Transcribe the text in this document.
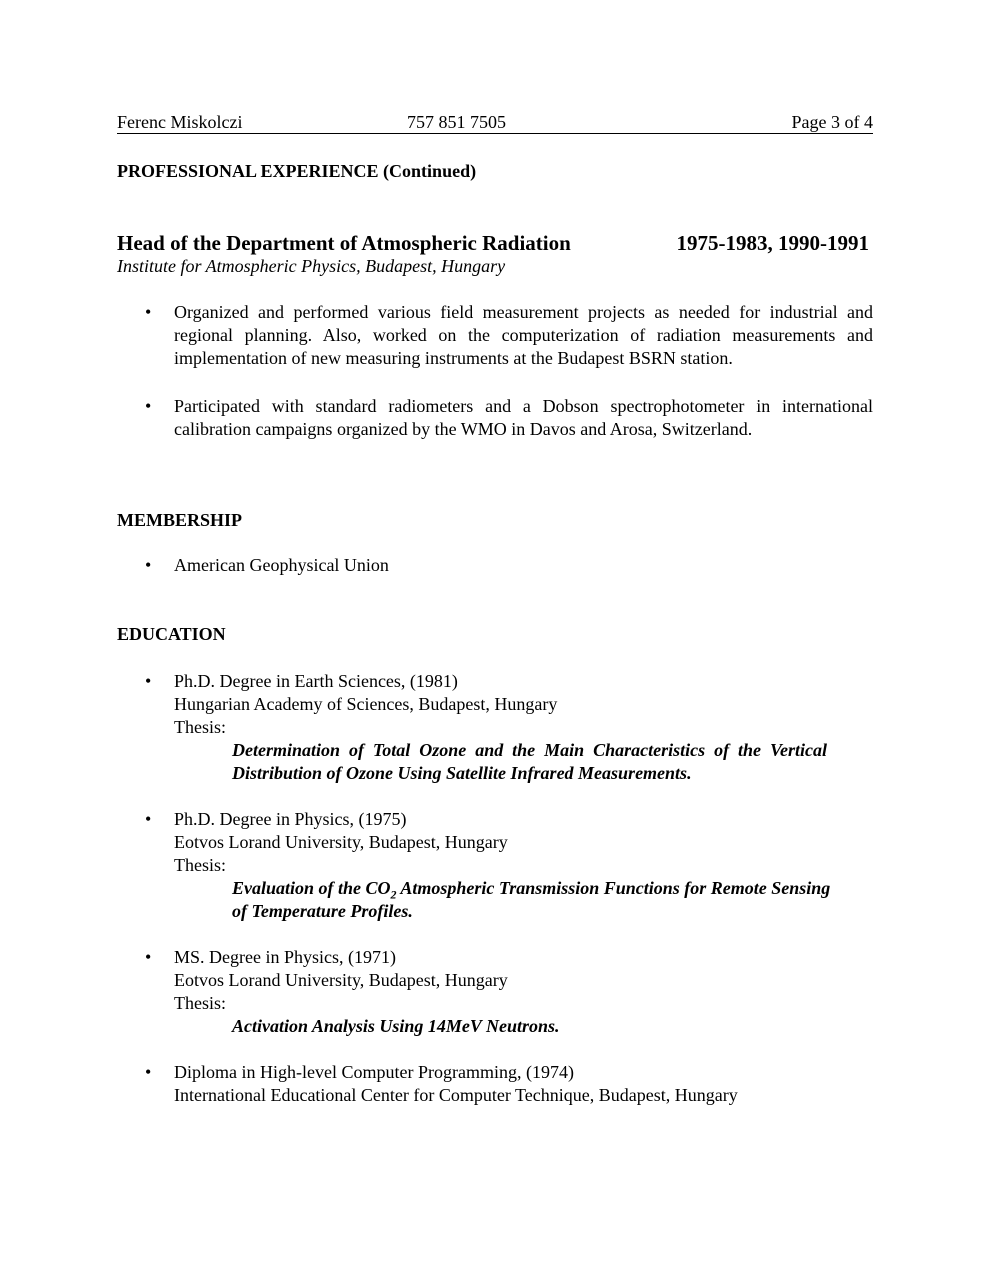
Ferenc Miskolczi	757 851 7505	Page 3 of 4
PROFESSIONAL EXPERIENCE (Continued)
Head of the Department of Atmospheric Radiation	1975-1983, 1990-1991
Institute for Atmospheric Physics, Budapest, Hungary
• Organized and performed various field measurement projects as needed for industrial and regional planning. Also, worked on the computerization of radiation measurements and implementation of new measuring instruments at the Budapest BSRN station.
• Participated with standard radiometers and a Dobson spectrophotometer in international calibration campaigns organized by the WMO in Davos and Arosa, Switzerland.
MEMBERSHIP
• American Geophysical Union
EDUCATION
• Ph.D. Degree in Earth Sciences, (1981)
Hungarian Academy of Sciences, Budapest, Hungary
Thesis:
Determination of Total Ozone and the Main Characteristics of the Vertical
Distribution of Ozone Using Satellite Infrared Measurements.
• Ph.D. Degree in Physics, (1975)
Eotvos Lorand University, Budapest, Hungary
Thesis:
Evaluation of the $CO_2$ Atmospheric Transmission Functions for Remote Sensing
of Temperature Profiles.
• MS. Degree in Physics, (1971)
Eotvos Lorand University, Budapest, Hungary
Thesis:
Activation Analysis Using 14MeV Neutrons.
• Diploma in High-level Computer Programming, (1974)
International Educational Center for Computer Technique, Budapest, Hungary
